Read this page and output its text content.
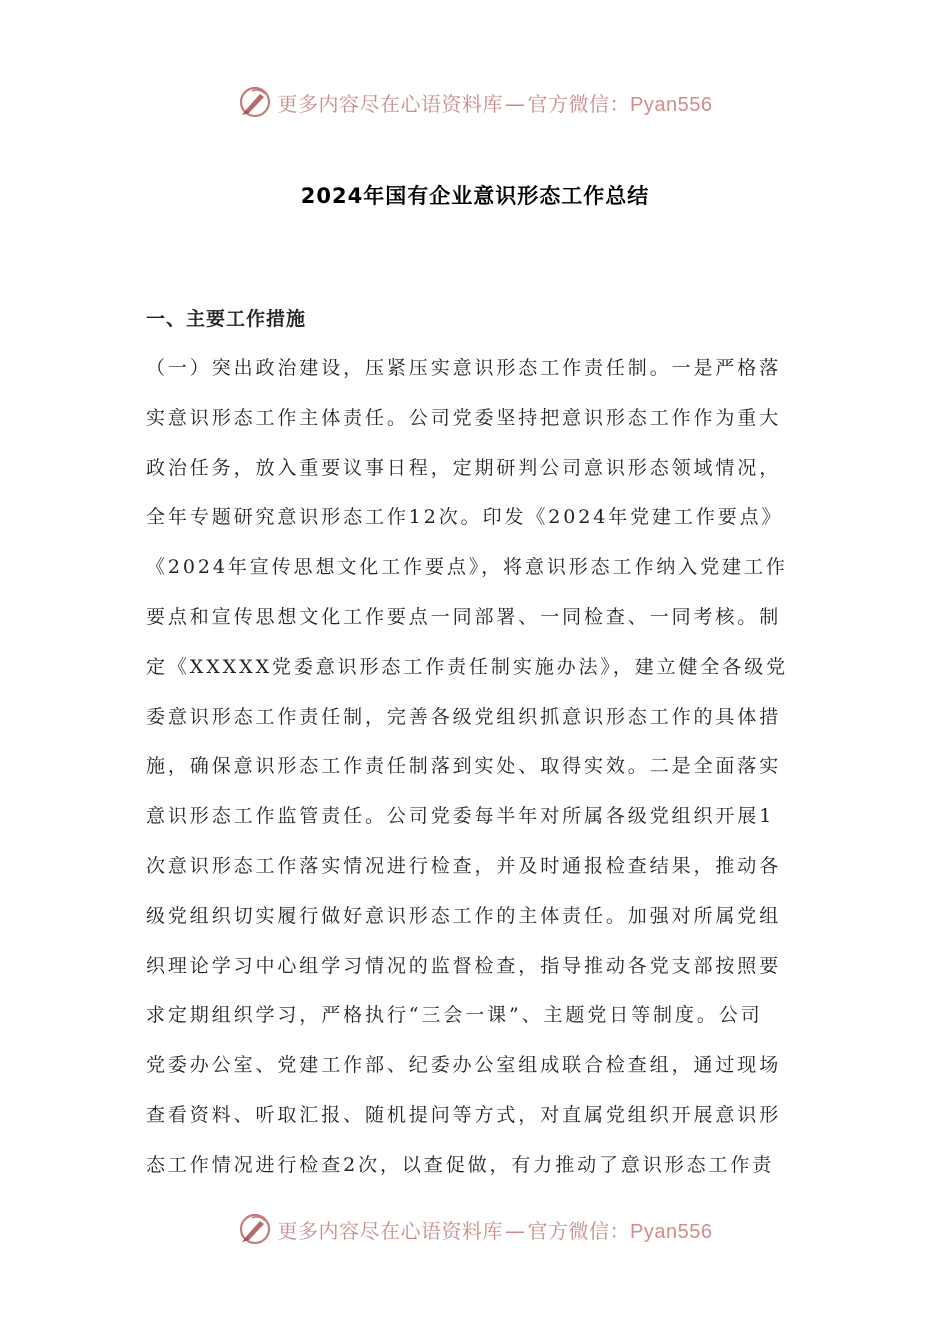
更多内容尽在心语资料库 — 官方微信：Pyan556
2024年国有企业意识形态工作总结
一、主要工作措施
（一）突出政治建设，压紧压实意识形态工作责任制。一是严格落
实意识形态工作主体责任。公司党委坚持把意识形态工作作为重大
政治任务，放入重要议事日程，定期研判公司意识形态领域情况，
全年专题研究意识形态工作12次。印发《2024年党建工作要点》
《2024年宣传思想文化工作要点》，将意识形态工作纳入党建工作
要点和宣传思想文化工作要点一同部署、一同检查、一同考核。制
定《XXXXX党委意识形态工作责任制实施办法》，建立健全各级党
委意识形态工作责任制，完善各级党组织抓意识形态工作的具体措
施，确保意识形态工作责任制落到实处、取得实效。二是全面落实
意识形态工作监管责任。公司党委每半年对所属各级党组织开展1
次意识形态工作落实情况进行检查，并及时通报检查结果，推动各
级党组织切实履行做好意识形态工作的主体责任。加强对所属党组
织理论学习中心组学习情况的监督检查，指导推动各党支部按照要
求定期组织学习，严格执行“三会一课”、主题党日等制度。公司
党委办公室、党建工作部、纪委办公室组成联合检查组，通过现场
查看资料、听取汇报、随机提问等方式，对直属党组织开展意识形
态工作情况进行检查2次，以查促做，有力推动了意识形态工作责
更多内容尽在心语资料库 — 官方微信：Pyan556
